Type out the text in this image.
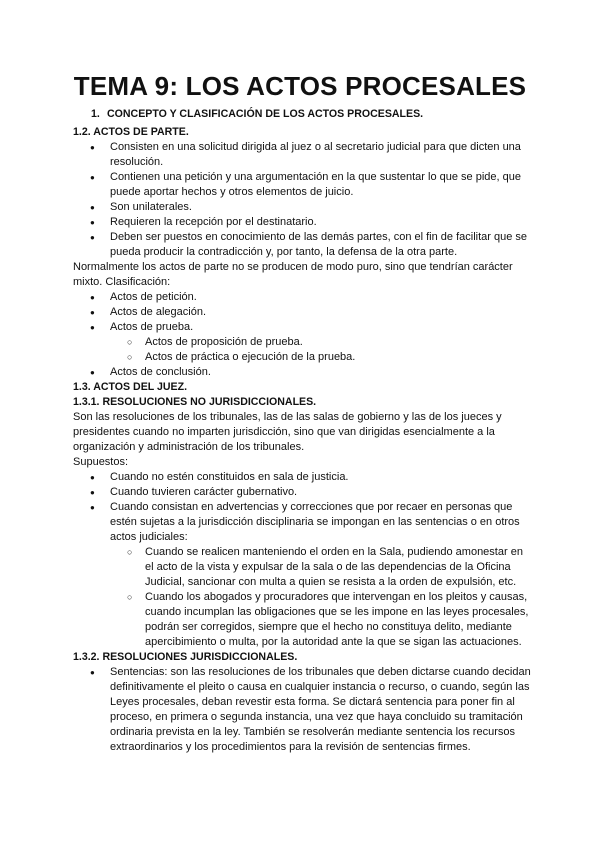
TEMA 9: LOS ACTOS PROCESALES
1. CONCEPTO Y CLASIFICACIÓN DE LOS ACTOS PROCESALES.
1.2. ACTOS DE PARTE.
● Consisten en una solicitud dirigida al juez o al secretario judicial para que dicten una resolución.
● Contienen una petición y una argumentación en la que sustentar lo que se pide, que puede aportar hechos y otros elementos de juicio.
● Son unilaterales.
● Requieren la recepción por el destinatario.
● Deben ser puestos en conocimiento de las demás partes, con el fin de facilitar que se pueda producir la contradicción y, por tanto, la defensa de la otra parte.

Normalmente los actos de parte no se producen de modo puro, sino que tendrían carácter mixto. Clasificación:

● Actos de petición.
● Actos de alegación.
● Actos de prueba.
○ Actos de proposición de prueba.
○ Actos de práctica o ejecución de la prueba.
● Actos de conclusión.
1.3. ACTOS DEL JUEZ.
1.3.1. RESOLUCIONES NO JURISDICCIONALES.

Son las resoluciones de los tribunales, las de las salas de gobierno y las de los jueces y presidentes cuando no imparten jurisdicción, sino que van dirigidas esencialmente a la organización y administración de los tribunales.

Supuestos:

● Cuando no estén constituidos en sala de justicia.
● Cuando tuvieren carácter gubernativo.
● Cuando consistan en advertencias y correcciones que por recaer en personas que estén sujetas a la jurisdicción disciplinaria se impongan en las sentencias o en otros actos judiciales:
○ Cuando se realicen manteniendo el orden en la Sala, pudiendo amonestar en el acto de la vista y expulsar de la sala o de las dependencias de la Oficina Judicial, sancionar con multa a quien se resista a la orden de expulsión, etc.
○ Cuando los abogados y procuradores que intervengan en los pleitos y causas, cuando incumplan las obligaciones que se les impone en las leyes procesales, podrán ser corregidos, siempre que el hecho no constituya delito, mediante apercibimiento o multa, por la autoridad ante la que se sigan las actuaciones.
1.3.2. RESOLUCIONES JURISDICCIONALES.
● Sentencias: son las resoluciones de los tribunales que deben dictarse cuando decidan definitivamente el pleito o causa en cualquier instancia o recurso, o cuando, según las Leyes procesales, deban revestir esta forma. Se dictará sentencia para poner fin al proceso, en primera o segunda instancia, una vez que haya concluido su tramitación ordinaria prevista en la ley. También se resolverán mediante sentencia los recursos extraordinarios y los procedimientos para la revisión de sentencias firmes.
